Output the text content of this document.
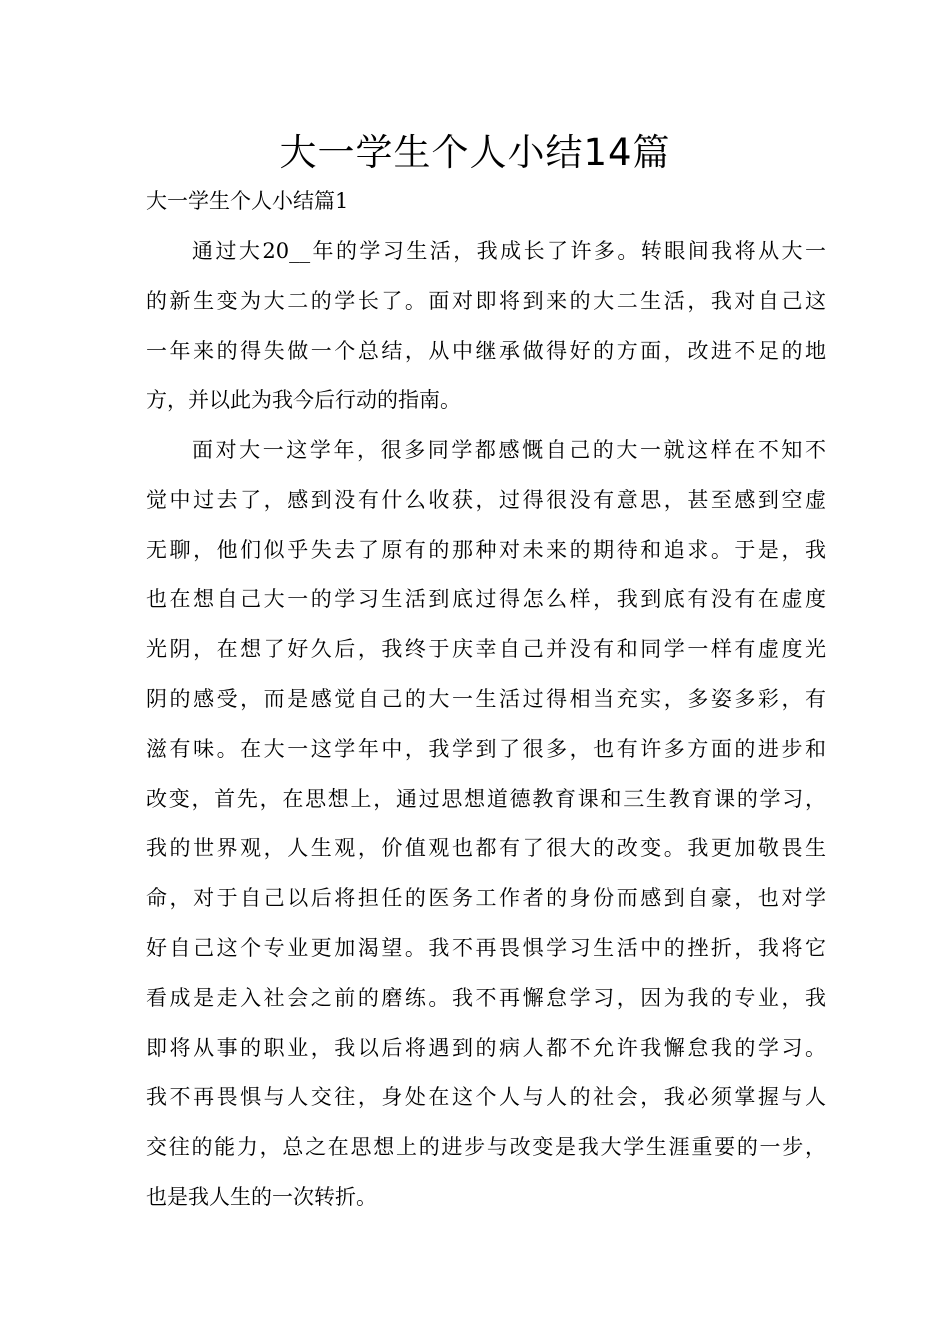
大一学生个人小结14篇
大一学生个人小结篇1

通过大20__年的学习生活，我成长了许多。转眼间我将从大一
的新生变为大二的学长了。面对即将到来的大二生活，我对自己这
一年来的得失做一个总结，从中继承做得好的方面，改进不足的地
方，并以此为我今后行动的指南。

面对大一这学年，很多同学都感慨自己的大一就这样在不知不
觉中过去了，感到没有什么收获，过得很没有意思，甚至感到空虚
无聊，他们似乎失去了原有的那种对未来的期待和追求。于是，我
也在想自己大一的学习生活到底过得怎么样，我到底有没有在虚度
光阴，在想了好久后，我终于庆幸自己并没有和同学一样有虚度光
阴的感受，而是感觉自己的大一生活过得相当充实，多姿多彩，有
滋有味。在大一这学年中，我学到了很多，也有许多方面的进步和
改变，首先，在思想上，通过思想道德教育课和三生教育课的学习，
我的世界观，人生观，价值观也都有了很大的改变。我更加敬畏生
命，对于自己以后将担任的医务工作者的身份而感到自豪，也对学
好自己这个专业更加渴望。我不再畏惧学习生活中的挫折，我将它
看成是走入社会之前的磨练。我不再懈怠学习，因为我的专业，我
即将从事的职业，我以后将遇到的病人都不允许我懈怠我的学习。
我不再畏惧与人交往，身处在这个人与人的社会，我必须掌握与人
交往的能力，总之在思想上的进步与改变是我大学生涯重要的一步，
也是我人生的一次转折。
